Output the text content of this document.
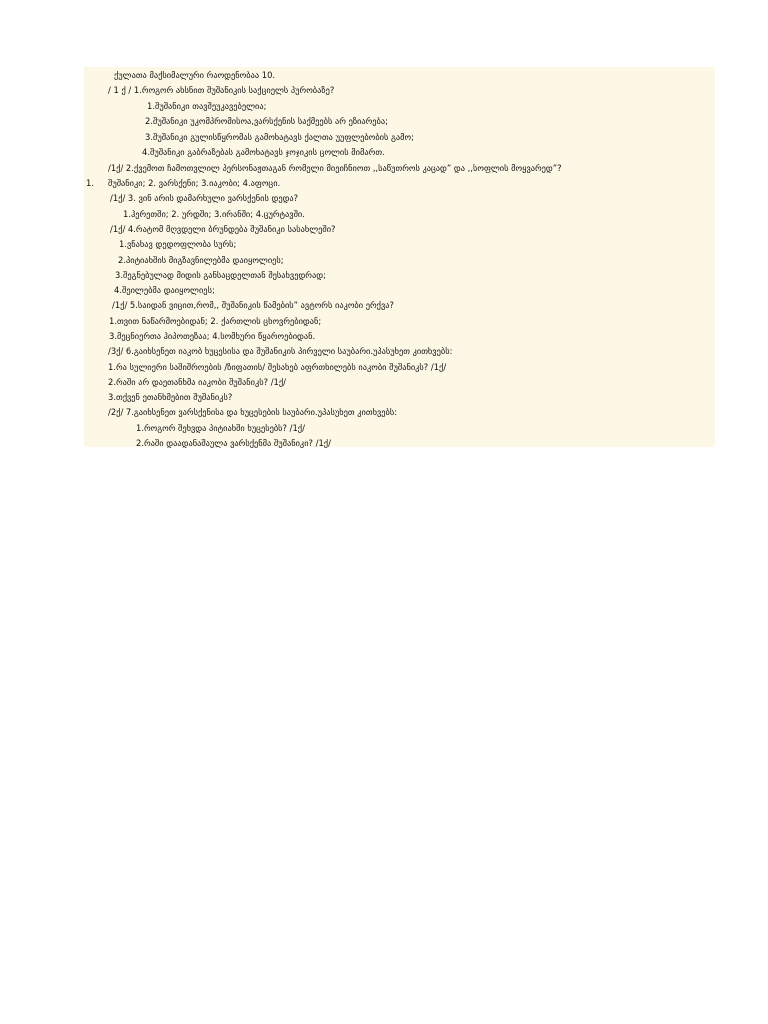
ქულათა მაქსიმალური რაოდენობაა 10.
/ 1 ქ / 1.როგორ ახსნით შუშანიკის საქციელს პურობაზე?
1.შუშანიკი თავშეუკავებელია;
2.შუშანიკი უკომპრომისოა,ვარსქენის საქმეებს არ ეზიარება;
3.შუშანიკი გულისწყრომას გამოხატავს ქალთა უუფლებობის გამო;
4.შუშანიკი გაბრაზებას გამოხატავს ჯოჯიკის ცოლის მიმართ.
/1ქ/ 2.ქვემოთ ჩამოთვლილ პერსონაჟთაგან რომელი მიეიჩნიოთ ,,საწუთროს კაცად” და ,,სოფლის მოყვარედ”?
შუშანიკი; 2. ვარსქენი; 3.იაკობი; 4.აფოცი.
/1ქ/ 3. ვინ არის დამარხული ვარსქენის დედა?
1.ჰერეთში; 2. ურდში; 3.ირანში; 4.ცურტავში.
/1ქ/ 4.რატომ მღვდელი ბრუნდება შუშანიკი სასახლეში?
1.ვნახავ დედოფლობა სურს;
2.პიტიახშის მიგზავნილებმა დაიყოლიეს;
3.შეგნებულად მიდის განსაცდელთან შესახვედრად;
4.შეილებმა დაიყოლიეს;
/1ქ/ 5.საიდან ვიცით,რომ,, შუშანიკის წამების” ავტორს იაკობი ერქვა?
1.თვით ნაწარმოებიდან; 2. ქართლის ცხოვრებიდან;
3.მეცნიერთა ჰიპოთეზაა; 4.სომხური წყაროებიდან.
/3ქ/ 6.გაიხსენეთ იაკობ ხუცესისა და შუშანიკის პირველი საუბარი.უპასუხეთ კითხვებს:
1.რა სულიერი საშიშროების /ზიფათის/ შესახებ აფრთხილებს იაკობი შუშანიკს? /1ქ/
2.რაში არ დაეთანხმა იაკობი შუშანიკს? /1ქ/
3.თქვენ ეთანხმებით შუშანიკს?
/2ქ/ 7.გაიხსენეთ ვარსქენისა და ხუცესების საუბარი.უპასუხეთ კითხვებს:
1.როგორ შეხვდა პიტიახში ხუცესებს? /1ქ/
2.რაში დაადანაშაულა ვარსქენმა შუშანიკი? /1ქ/
1.
